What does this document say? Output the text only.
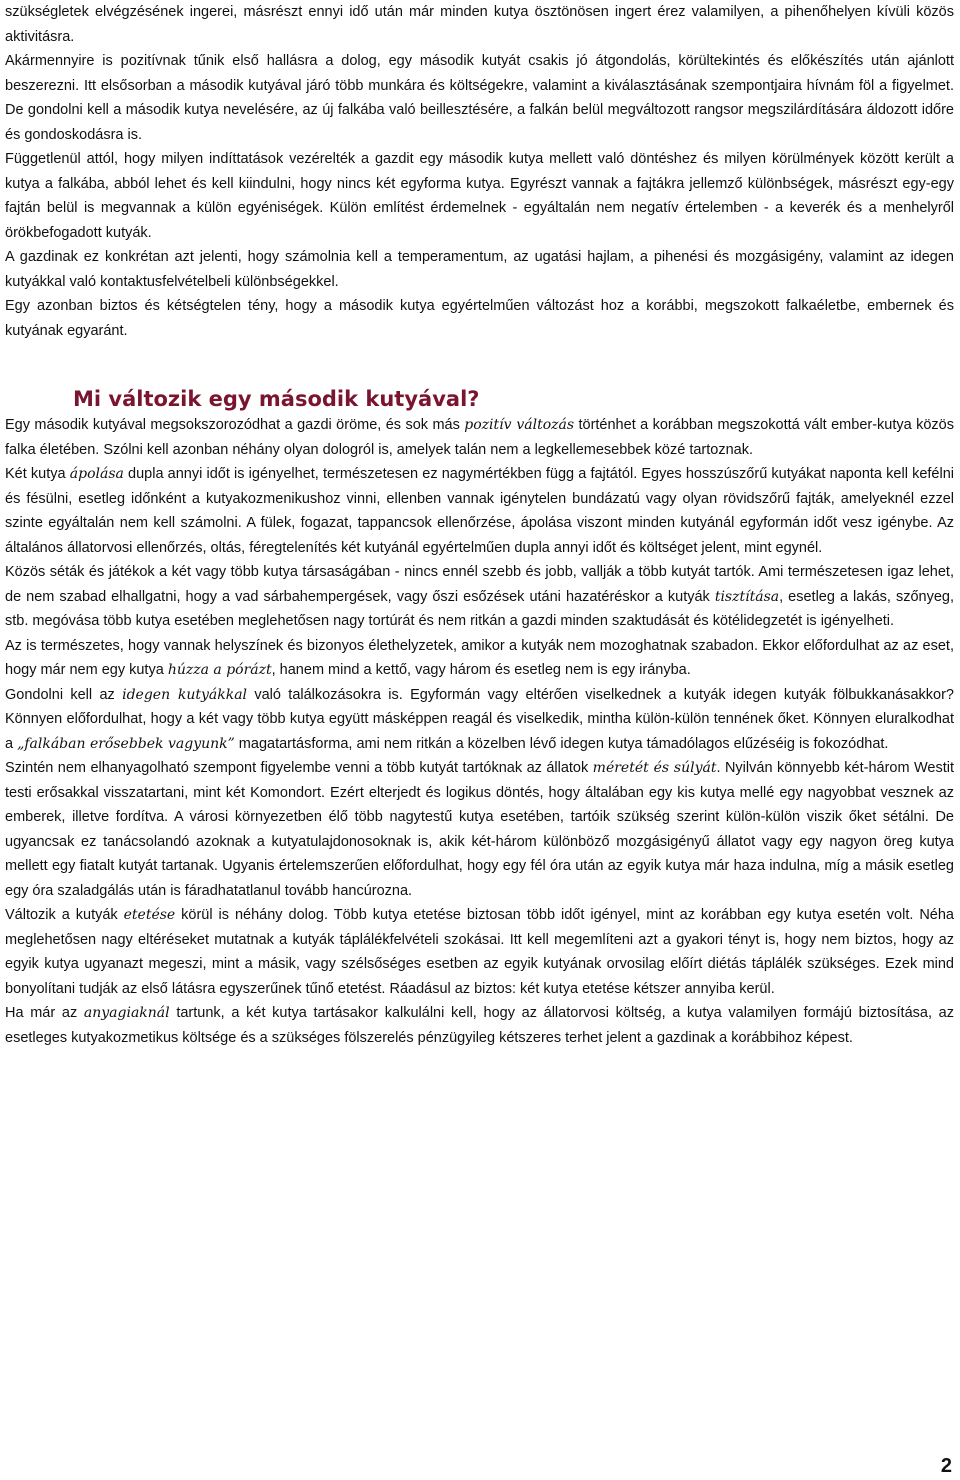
szükségletek elvégzésének ingerei, másrészt ennyi idő után már minden kutya ösztönösen ingert érez valamilyen, a pihenőhelyen kívüli közös aktivitásra.

Akármennyire is pozitívnak tűnik első hallásra a dolog, egy második kutyát csakis jó átgondolás, körültekintés és előkészítés után ajánlott beszerezni. Itt elsősorban a második kutyával járó több munkára és költségekre, valamint a kiválasztásának szempontjaira hívnám föl a figyelmet. De gondolni kell a második kutya nevelésére, az új falkába való beillesztésére, a falkán belül megváltozott rangsor megszilárdítására áldozott időre és gondoskodásra is.

Függetlenül attól, hogy milyen indíttatások vezérelték a gazdit egy második kutya mellett való döntéshez és milyen körülmények között került a kutya a falkába, abból lehet és kell kiindulni, hogy nincs két egyforma kutya. Egyrészt vannak a fajtákra jellemző különbségek, másrészt egy-egy fajtán belül is megvannak a külön egyéniségek. Külön említést érdemelnek - egyáltalán nem negatív értelemben - a keverék és a menhelyről örökbefogadott kutyák.

A gazdinak ez konkrétan azt jelenti, hogy számolnia kell a temperamentum, az ugatási hajlam, a pihenési és mozgásigény, valamint az idegen kutyákkal való kontaktusfelvételbeli különbségekkel.

Egy azonban biztos és kétségtelen tény, hogy a második kutya egyértelműen változást hoz a korábbi, megszokott falkaéletbe, embernek és kutyának egyaránt.

Mi változik egy második kutyával?

Egy második kutyával megsokszorozódhat a gazdi öröme, és sok más pozitív változás történhet a korábban megszokottá vált ember-kutya közös falka életében. Szólni kell azonban néhány olyan dologról is, amelyek talán nem a legkellemesebbek közé tartoznak.

Két kutya ápolása dupla annyi időt is igényelhet, természetesen ez nagymértékben függ a fajtától. Egyes hosszúszőrű kutyákat naponta kell kefélni és fésülni, esetleg időnként a kutyakozmenikushoz vinni, ellenben vannak igénytelen bundázatú vagy olyan rövidszőrű fajták, amelyeknél ezzel szinte egyáltalán nem kell számolni. A fülek, fogazat, tappancsok ellenőrzése, ápolása viszont minden kutyánál egyformán időt vesz igénybe. Az általános állatorvosi ellenőrzés, oltás, féregtelenítés két kutyánál egyértelműen dupla annyi időt és költséget jelent, mint egynél.

Közös séták és játékok a két vagy több kutya társaságában - nincs ennél szebb és jobb, vallják a több kutyát tartók. Ami természetesen igaz lehet, de nem szabad elhallgatni, hogy a vad sárbahempergések, vagy őszi esőzések utáni hazatéréskor a kutyák tisztítása, esetleg a lakás, szőnyeg, stb. megóvása több kutya esetében meglehetősen nagy tortúrát és nem ritkán a gazdi minden szaktudását és kötélidegzetét is igényelheti.

Az is természetes, hogy vannak helyszínek és bizonyos élethelyzetek, amikor a kutyák nem mozoghatnak szabadon. Ekkor előfordulhat az az eset, hogy már nem egy kutya húzza a pórázt, hanem mind a kettő, vagy három és esetleg nem is egy irányba.

Gondolni kell az idegen kutyákkal való találkozásokra is. Egyformán vagy eltérően viselkednek a kutyák idegen kutyák fölbukkanásakkor? Könnyen előfordulhat, hogy a két vagy több kutya együtt másképpen reagál és viselkedik, mintha külön-külön tennének őket. Könnyen eluralkodhat a „falkában erősebbek vagyunk” magatartásforma, ami nem ritkán a közelben lévő idegen kutya támadólagos elűzéséig is fokozódhat.

Szintén nem elhanyagolható szempont figyelembe venni a több kutyát tartóknak az állatok méretét és súlyát. Nyilván könnyebb két-három Westit testi erősakkal visszatartani, mint két Komondort. Ezért elterjedt és logikus döntés, hogy általában egy kis kutya mellé egy nagyobbat vesznek az emberek, illetve fordítva. A városi környezetben élő több nagytestű kutya esetében, tartóik szükség szerint külön-külön viszik őket sétálni. De ugyancsak ez tanácsolandó azoknak a kutyatulajdonosoknak is, akik két-három különböző mozgásigényű állatot vagy egy nagyon öreg kutya mellett egy fiatalt kutyát tartanak. Ugyanis értelemszerűen előfordulhat, hogy egy fél óra után az egyik kutya már haza indulna, míg a másik esetleg egy óra szaladgálás után is fáradhatatlanul tovább hancúrozna.

Változik a kutyák etetése körül is néhány dolog. Több kutya etetése biztosan több időt igényel, mint az korábban egy kutya esetén volt. Néha meglehetősen nagy eltéréseket mutatnak a kutyák táplálékfelvételi szokásai. Itt kell megemlíteni azt a gyakori tényt is, hogy nem biztos, hogy az egyik kutya ugyanazt megeszi, mint a másik, vagy szélsőséges esetben az egyik kutyának orvosilag előírt diétás táplálék szükséges. Ezek mind bonyolítani tudják az első látásra egyszerűnek tűnő etetést. Ráadásul az biztos: két kutya etetése kétszer annyiba kerül.

Ha már az anyagiaknál tartunk, a két kutya tartásakor kalkulálni kell, hogy az állatorvosi költség, a kutya valamilyen formájú biztosítása, az esetleges kutyakozmetikus költsége és a szükséges fölszerelés pénzügyileg kétszeres terhet jelent a gazdinak a korábbihoz képest.

2
